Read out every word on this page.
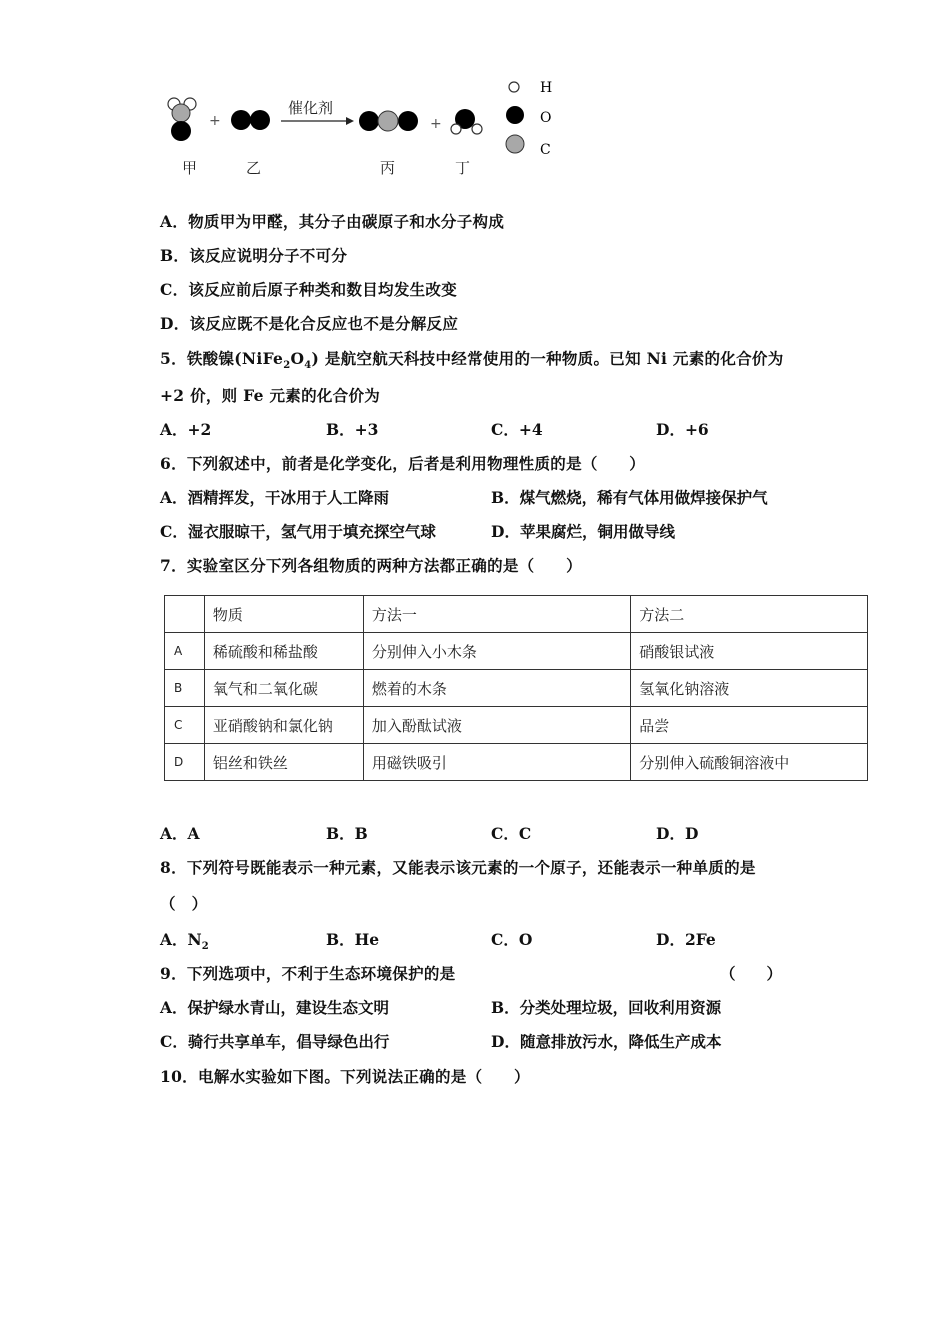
+
催化剂
+
H
O
C
甲	乙	丙	丁
A．物质甲为甲醛，其分子由碳原子和水分子构成
B．该反应说明分子不可分
C．该反应前后原子种类和数目均发生改变
D．该反应既不是化合反应也不是分解反应
5．铁酸镍$(NiFe_2O_4)$ 是航空航天科技中经常使用的一种物质。已知 Ni 元素的化合价为
+2 价，则 Fe 元素的化合价为
A．+2	B．+3	C．+4	D．+6
6．下列叙述中，前者是化学变化，后者是利用物理性质的是（　　）
A．酒精挥发，干冰用于人工降雨	B．煤气燃烧，稀有气体用做焊接保护气
C．湿衣服晾干，氢气用于填充探空气球	D．苹果腐烂，铜用做导线
7．实验室区分下列各组物质的两种方法都正确的是（　　）
	物质	方法一	方法二
A	稀硫酸和稀盐酸	分别伸入小木条	硝酸银试液
B	氧气和二氧化碳	燃着的木条	氢氧化钠溶液
C	亚硝酸钠和氯化钠	加入酚酞试液	品尝
D	铝丝和铁丝	用磁铁吸引	分别伸入硫酸铜溶液中
A．A	B．B	C．C	D．D
8．下列符号既能表示一种元素，又能表示该元素的一个原子，还能表示一种单质的是
（　）
A．$N_2$	B．He	C．O	D．2Fe
9．下列选项中，不利于生态环境保护的是	（　　）
A．保护绿水青山，建设生态文明	B．分类处理垃圾，回收利用资源
C．骑行共享单车，倡导绿色出行	D．随意排放污水，降低生产成本
10．电解水实验如下图。下列说法正确的是（　　）
